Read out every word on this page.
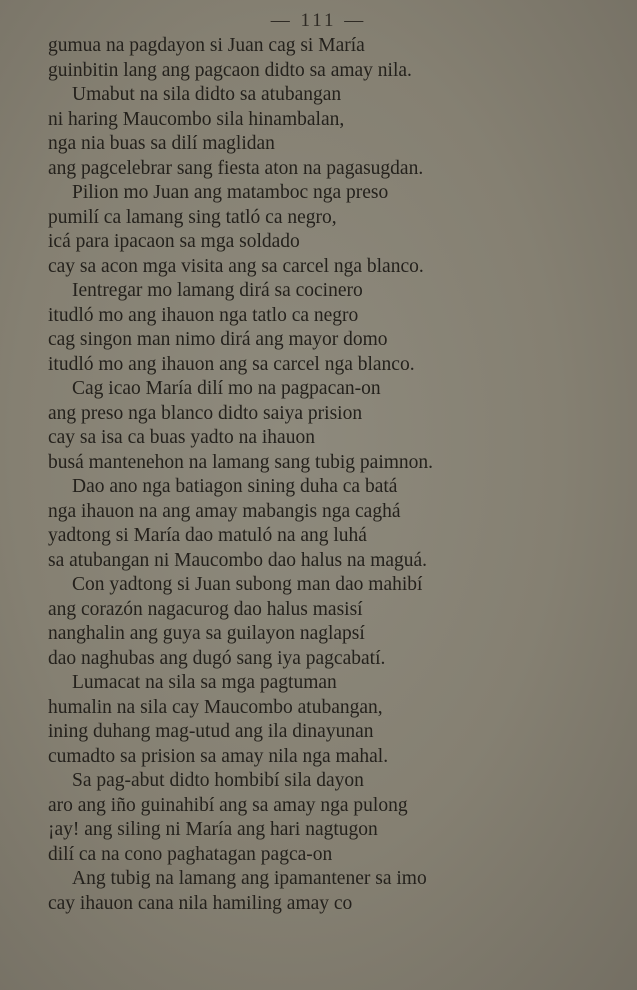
— 111 —

gumua na pagdayon si Juan cag si María
guinbitin lang ang pagcaon didto sa amay nila.

Umabut na sila didto sa atubangan
ni haring Maucombo sila hinambalan,
nga nia buas sa dilí maglidan
ang pagcelebrar sang fiesta aton na pagasugdan.

Pilion mo Juan ang matamboc nga preso
pumilí ca lamang sing tatló ca negro,
icá para ipacaon sa mga soldado
cay sa acon mga visita ang sa carcel nga blanco.

Ientregar mo lamang dirá sa cocinero
itudló mo ang ihauon nga tatlo ca negro
cag singon man nimo dirá ang mayor domo
itudló mo ang ihauon ang sa carcel nga blanco.

Cag icao María dilí mo na pagpacan-on
ang preso nga blanco didto saiya prision
cay sa isa ca buas yadto na ihauon
busá mantenehon na lamang sang tubig paimnon.

Dao ano nga batiagon sining duha ca batá
nga ihauon na ang amay mabangis nga caghá
yadtong si María dao matuló na ang luhá
sa atubangan ni Maucombo dao halus na maguá.

Con yadtong si Juan subong man dao mahibí
ang corazón nagacurog dao halus masisí
nanghalin ang guya sa guilayon naglapsí
dao naghubas ang dugó sang iya pagcabatí.

Lumacat na sila sa mga pagtuman
humalin na sila cay Maucombo atubangan,
ining duhang mag-utud ang ila dinayunan
cumadto sa prision sa amay nila nga mahal.

Sa pag-abut didto hombibí sila dayon
aro ang iño guinahibí ang sa amay nga pulong
¡ay! ang siling ni María ang hari nagtugon
dilí ca na cono paghatagan pagca-on

Ang tubig na lamang ang ipamantener sa imo
cay ihauon cana nila hamiling amay co
